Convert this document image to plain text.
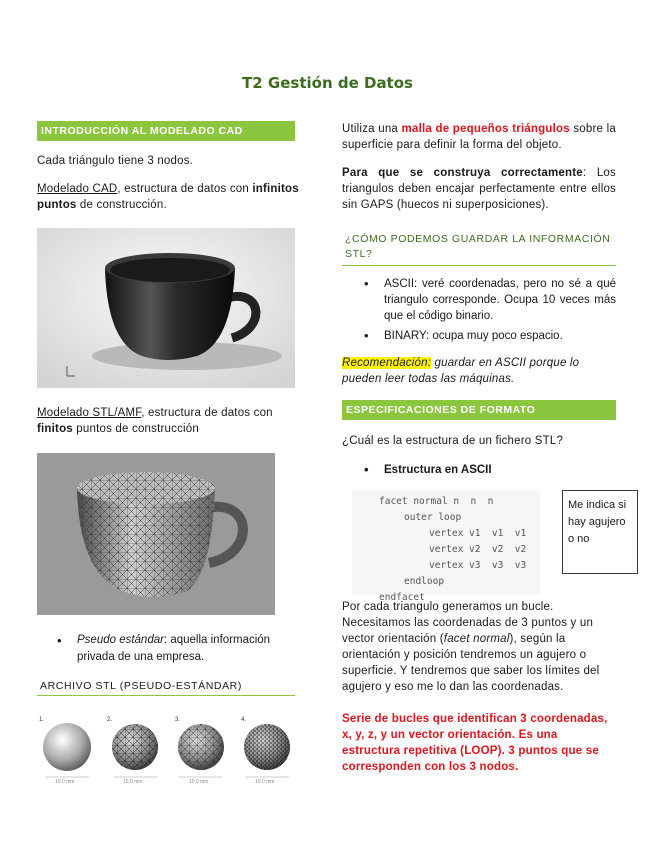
T2 Gestión de Datos
INTRODUCCIÓN AL MODELADO CAD
Cada triángulo tiene 3 nodos.
Modelado CAD, estructura de datos con infinitos puntos de construcción.
Modelado STL/AMF, estructura de datos con finitos puntos de construcción
• Pseudo estándar: aquella información privada de una empresa.
ARCHIVO STL (PSEUDO-ESTÁNDAR)
1.	2.	3.	4.
10.0 mm	10.0 mm	10.0 mm	10.0 mm
Utiliza una malla de pequeños triángulos sobre la superficie para definir la forma del objeto.
Para que se construya correctamente: Los triangulos deben encajar perfectamente entre ellos sin GAPS (huecos ni superposiciones).
¿CÓMO PODEMOS GUARDAR LA INFORMACIÓN STL?
• ASCII: veré coordenadas, pero no sé a qué triangulo corresponde. Ocupa 10 veces más que el código binario.
• BINARY: ocupa muy poco espacio.
Recomendación: guardar en ASCII porque lo pueden leer todas las máquinas.
ESPECIFICACIONES DE FORMATO
¿Cuál es la estructura de un fichero STL?
• Estructura en ASCII
facet normal n  n  n
outer loop
vertex v1  v1  v1
vertex v2  v2  v2
vertex v3  v3  v3
endloop
endfacet
Me indica si hay agujero o no
Por cada triangulo generamos un bucle. Necesitamos las coordenadas de 3 puntos y un vector orientación (facet normal), según la orientación y posición tendremos un agujero o superficie. Y tendremos que saber los límites del agujero y eso me lo dan las coordenadas.
Serie de bucles que identifican 3 coordenadas, x, y, z, y un vector orientación. Es una estructura repetitiva (LOOP). 3 puntos que se corresponden con los 3 nodos.
